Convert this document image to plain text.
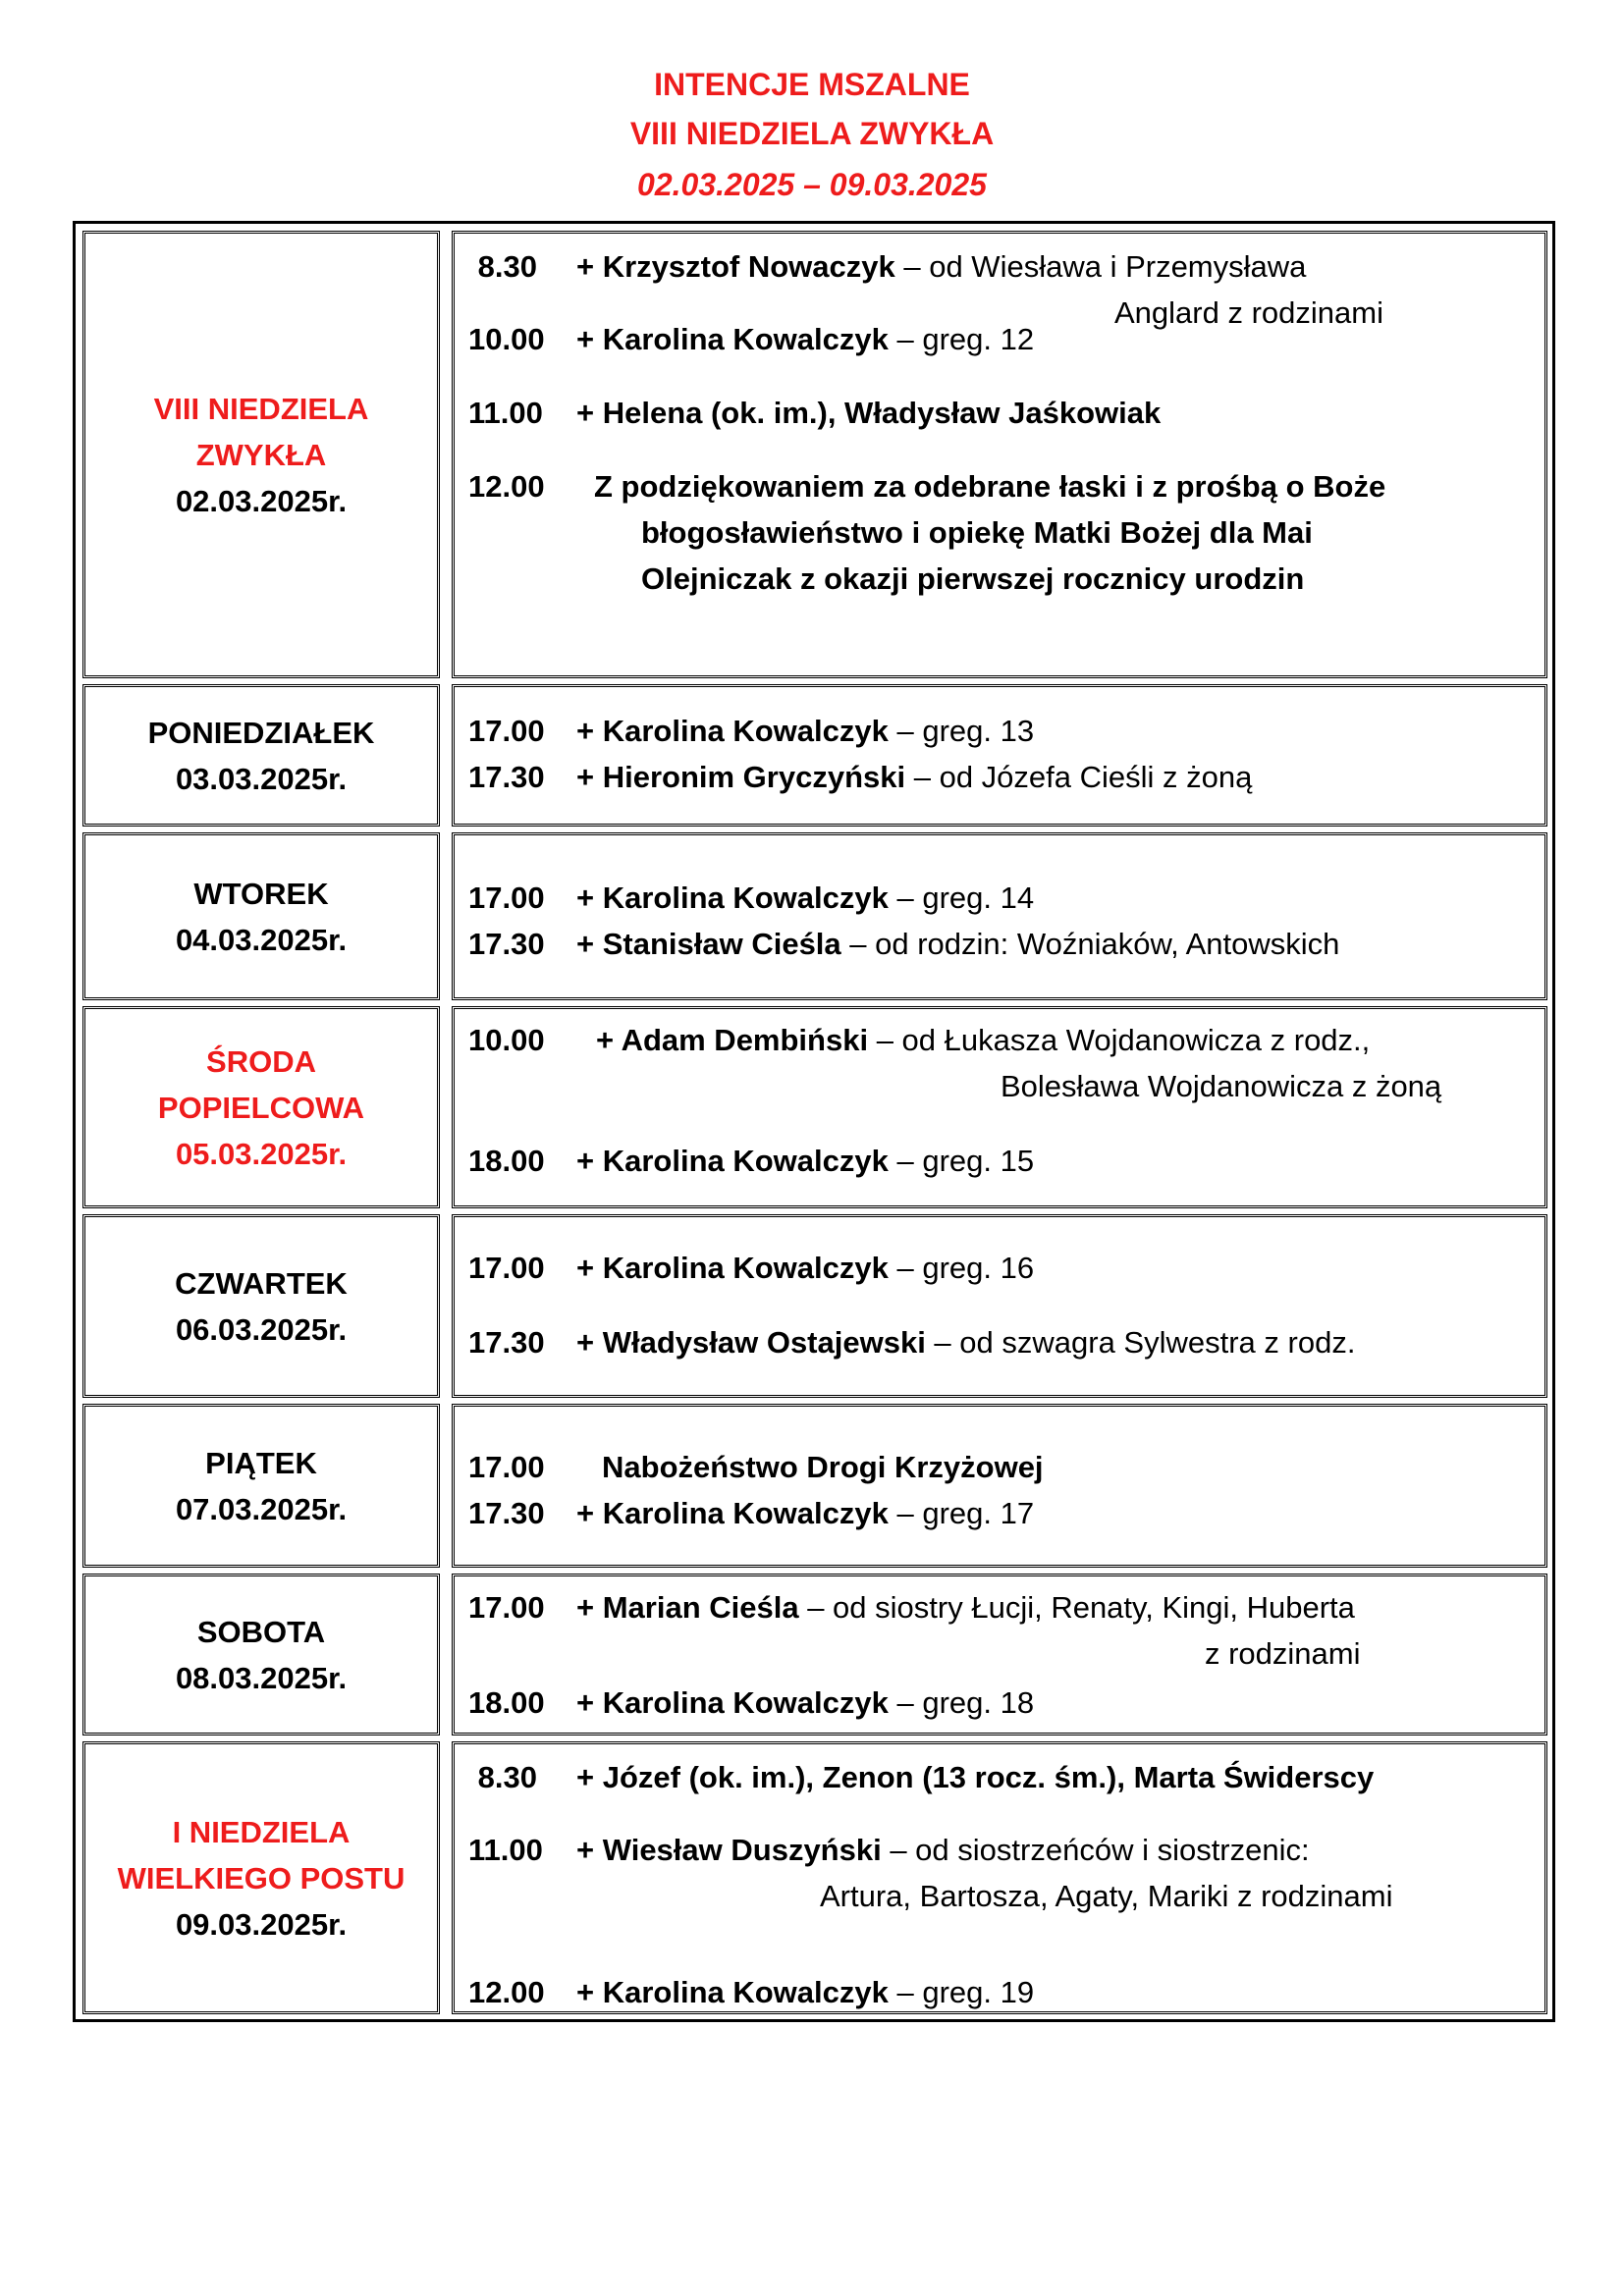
INTENCJE MSZALNE
VIII NIEDZIELA ZWYKŁA
02.03.2025 – 09.03.2025
VIII NIEDZIELA
ZWYKŁA
02.03.2025r.
8.30 + Krzysztof Nowaczyk – od Wiesława i Przemysława
Anglard z rodzinami
10.00 + Karolina Kowalczyk – greg. 12
11.00 + Helena (ok. im.), Władysław Jaśkowiak
12.00 Z podziękowaniem za odebrane łaski i z prośbą o Boże
błogosławieństwo i opiekę Matki Bożej dla Mai
Olejniczak z okazji pierwszej rocznicy urodzin
PONIEDZIAŁEK
03.03.2025r.
17.00 + Karolina Kowalczyk – greg. 13
17.30 + Hieronim Gryczyński – od Józefa Cieśli z żoną
WTOREK
04.03.2025r.
17.00 + Karolina Kowalczyk – greg. 14
17.30 + Stanisław Cieśla – od rodzin: Woźniaków, Antowskich
ŚRODA
POPIELCOWA
05.03.2025r.
10.00 + Adam Dembiński – od Łukasza Wojdanowicza z rodz.,
Bolesława Wojdanowicza z żoną
18.00 + Karolina Kowalczyk – greg. 15
CZWARTEK
06.03.2025r.
17.00 + Karolina Kowalczyk – greg. 16
17.30 + Władysław Ostajewski – od szwagra Sylwestra z rodz.
PIĄTEK
07.03.2025r.
17.00 Nabożeństwo Drogi Krzyżowej
17.30 + Karolina Kowalczyk – greg. 17
SOBOTA
08.03.2025r.
17.00 + Marian Cieśla – od siostry Łucji, Renaty, Kingi, Huberta
z rodzinami
18.00 + Karolina Kowalczyk – greg. 18
I NIEDZIELA
WIELKIEGO POSTU
09.03.2025r.
8.30 + Józef (ok. im.), Zenon (13 rocz. śm.), Marta Świderscy
11.00 + Wiesław Duszyński – od siostrzeńców i siostrzenic:
Artura, Bartosza, Agaty, Mariki z rodzinami
12.00 + Karolina Kowalczyk – greg. 19
